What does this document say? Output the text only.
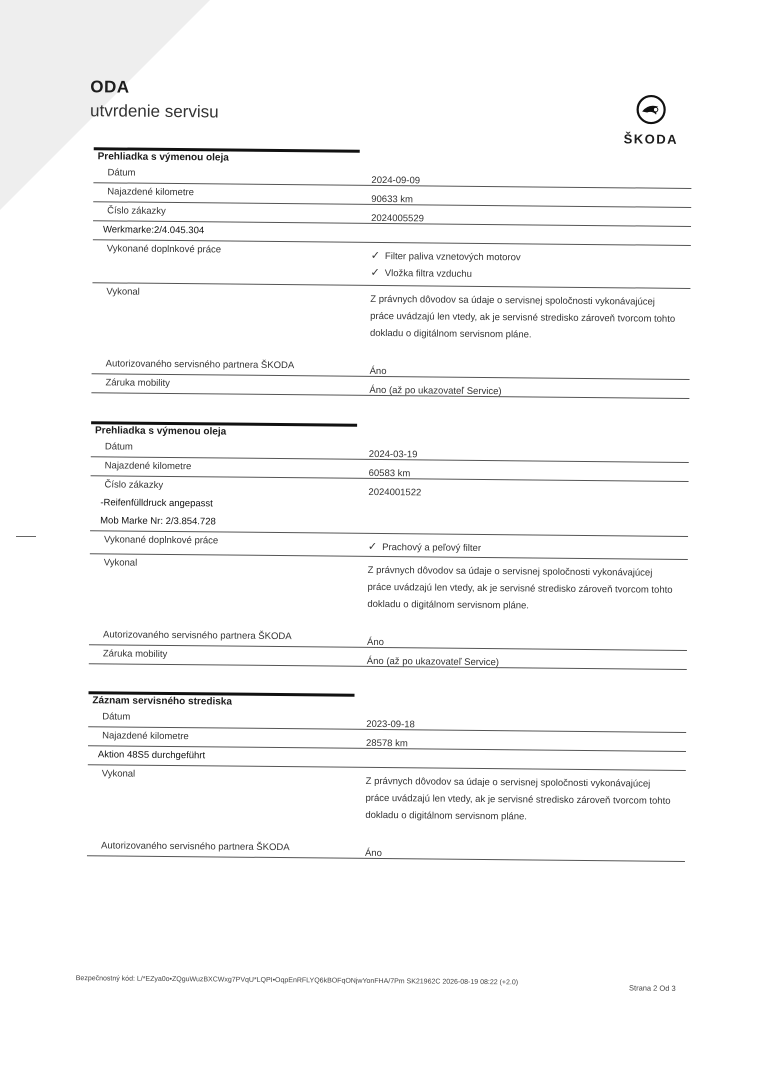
ODA
utvrdenie servisu
ŠKODA
Prehliadka s výmenou oleja
Dátum
2024-09-09
Najazdené kilometre
90633 km
Číslo zákazky
2024005529
Werkmarke:2/4.045.304
Vykonané doplnkové práce
✓ Filter paliva vznetových motorov
✓ Vložka filtra vzduchu
Vykonal
Z právnych dôvodov sa údaje o servisnej spoločnosti vykonávajúcej práce uvádzajú len vtedy, ak je servisné stredisko zároveň tvorcom tohto dokladu o digitálnom servisnom pláne.
Autorizovaného servisného partnera ŠKODA
Áno
Záruka mobility
Áno (až po ukazovateľ Service)
Prehliadka s výmenou oleja
Dátum
2024-03-19
Najazdené kilometre
60583 km
Číslo zákazky
2024001522
-Reifenfülldruck angepasst
Mob Marke Nr: 2/3.854.728
Vykonané doplnkové práce
✓ Prachový a peľový filter
Vykonal
Z právnych dôvodov sa údaje o servisnej spoločnosti vykonávajúcej práce uvádzajú len vtedy, ak je servisné stredisko zároveň tvorcom tohto dokladu o digitálnom servisnom pláne.
Autorizovaného servisného partnera ŠKODA
Áno
Záruka mobility
Áno (až po ukazovateľ Service)
Záznam servisného strediska
Dátum
2023-09-18
Najazdené kilometre
28578 km
Aktion 48S5 durchgeführt
Vykonal
Z právnych dôvodov sa údaje o servisnej spoločnosti vykonávajúcej práce uvádzajú len vtedy, ak je servisné stredisko zároveň tvorcom tohto dokladu o digitálnom servisnom pláne.
Autorizovaného servisného partnera ŠKODA
Áno
Bezpečnostný kód: L/*EZya0o•ZQguWuzBXCWxg7PVqU*LQPI•OqpEnRFLYQ6kBOFqONjwYonFHA/7Pm SK21962C 2026-08-19 08:22 (+2.0)
Strana 2 Od 3
